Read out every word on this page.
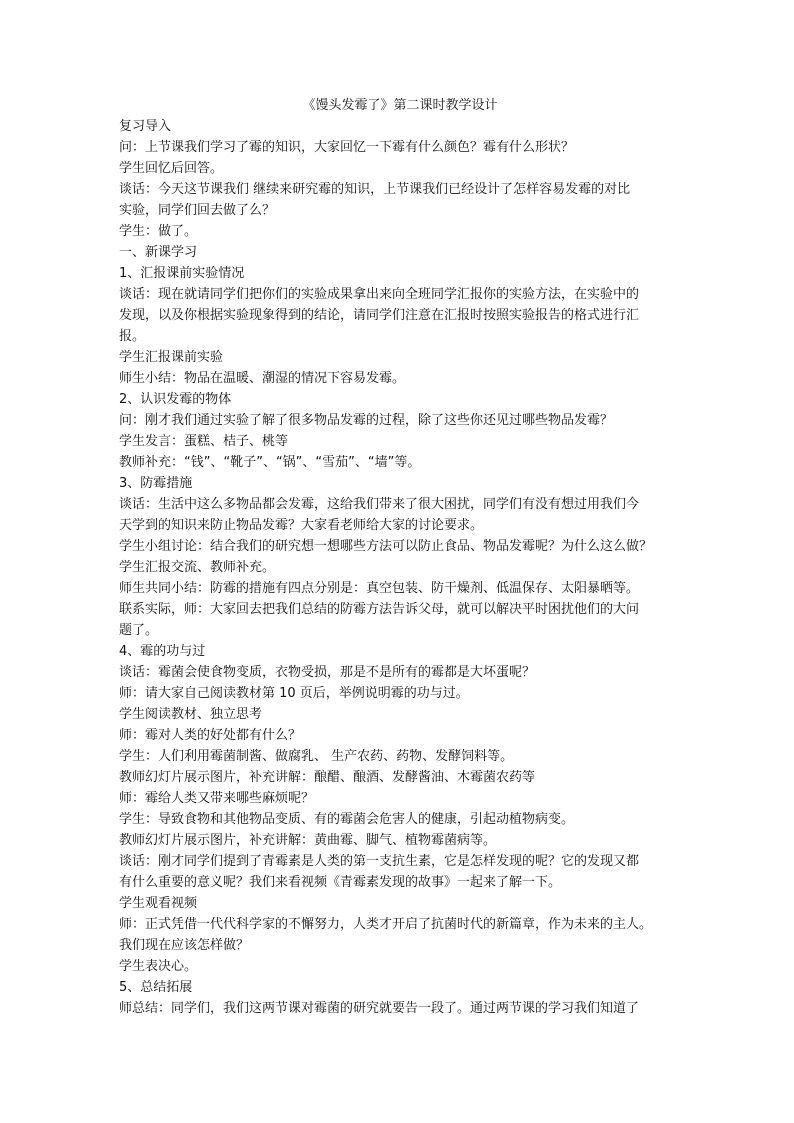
《馒头发霉了》第二课时教学设计
复习导入
问：上节课我们学习了霉的知识，大家回忆一下霉有什么颜色？霉有什么形状？
学生回忆后回答。
谈话：今天这节课我们 继续来研究霉的知识，上节课我们已经设计了怎样容易发霉的对比
实验，同学们回去做了么？
学生：做了。
一、新课学习
1、汇报课前实验情况
谈话：现在就请同学们把你们的实验成果拿出来向全班同学汇报你的实验方法，在实验中的
发现，以及你根据实验现象得到的结论，请同学们注意在汇报时按照实验报告的格式进行汇
报。
学生汇报课前实验
师生小结：物品在温暖、潮湿的情况下容易发霉。
2、认识发霉的物体
问：刚才我们通过实验了解了很多物品发霉的过程，除了这些你还见过哪些物品发霉？
学生发言：蛋糕、桔子、桃等
教师补充：“钱”、“靴子”、“锅”、“雪茄”、“墙”等。
3、防霉措施
谈话：生活中这么多物品都会发霉，这给我们带来了很大困扰，同学们有没有想过用我们今
天学到的知识来防止物品发霉？大家看老师给大家的讨论要求。
学生小组讨论：结合我们的研究想一想哪些方法可以防止食品、物品发霉呢？为什么这么做？
学生汇报交流、教师补充。
师生共同小结：防霉的措施有四点分别是：真空包装、防干燥剂、低温保存、太阳暴晒等。
联系实际，师：大家回去把我们总结的防霉方法告诉父母，就可以解决平时困扰他们的大问
题了。
4、霉的功与过
谈话：霉菌会使食物变质，衣物受损，那是不是所有的霉都是大坏蛋呢？
师：请大家自己阅读教材第 10 页后，举例说明霉的功与过。
学生阅读教材、独立思考
师：霉对人类的好处都有什么？
学生：人们利用霉菌制酱、做腐乳、 生产农药、药物、发酵饲料等。
教师幻灯片展示图片，补充讲解：酿醋、酿酒、发酵酱油、木霉菌农药等
师：霉给人类又带来哪些麻烦呢？
学生：导致食物和其他物品变质、有的霉菌会危害人的健康，引起动植物病变。
教师幻灯片展示图片，补充讲解：黄曲霉、脚气、植物霉菌病等。
谈话：刚才同学们提到了青霉素是人类的第一支抗生素，它是怎样发现的呢？它的发现又都
有什么重要的意义呢？我们来看视频《青霉素发现的故事》一起来了解一下。
学生观看视频
师：正式凭借一代代科学家的不懈努力，人类才开启了抗菌时代的新篇章，作为未来的主人。
我们现在应该怎样做？
学生表决心。
5、总结拓展
师总结：同学们，我们这两节课对霉菌的研究就要告一段了。通过两节课的学习我们知道了
